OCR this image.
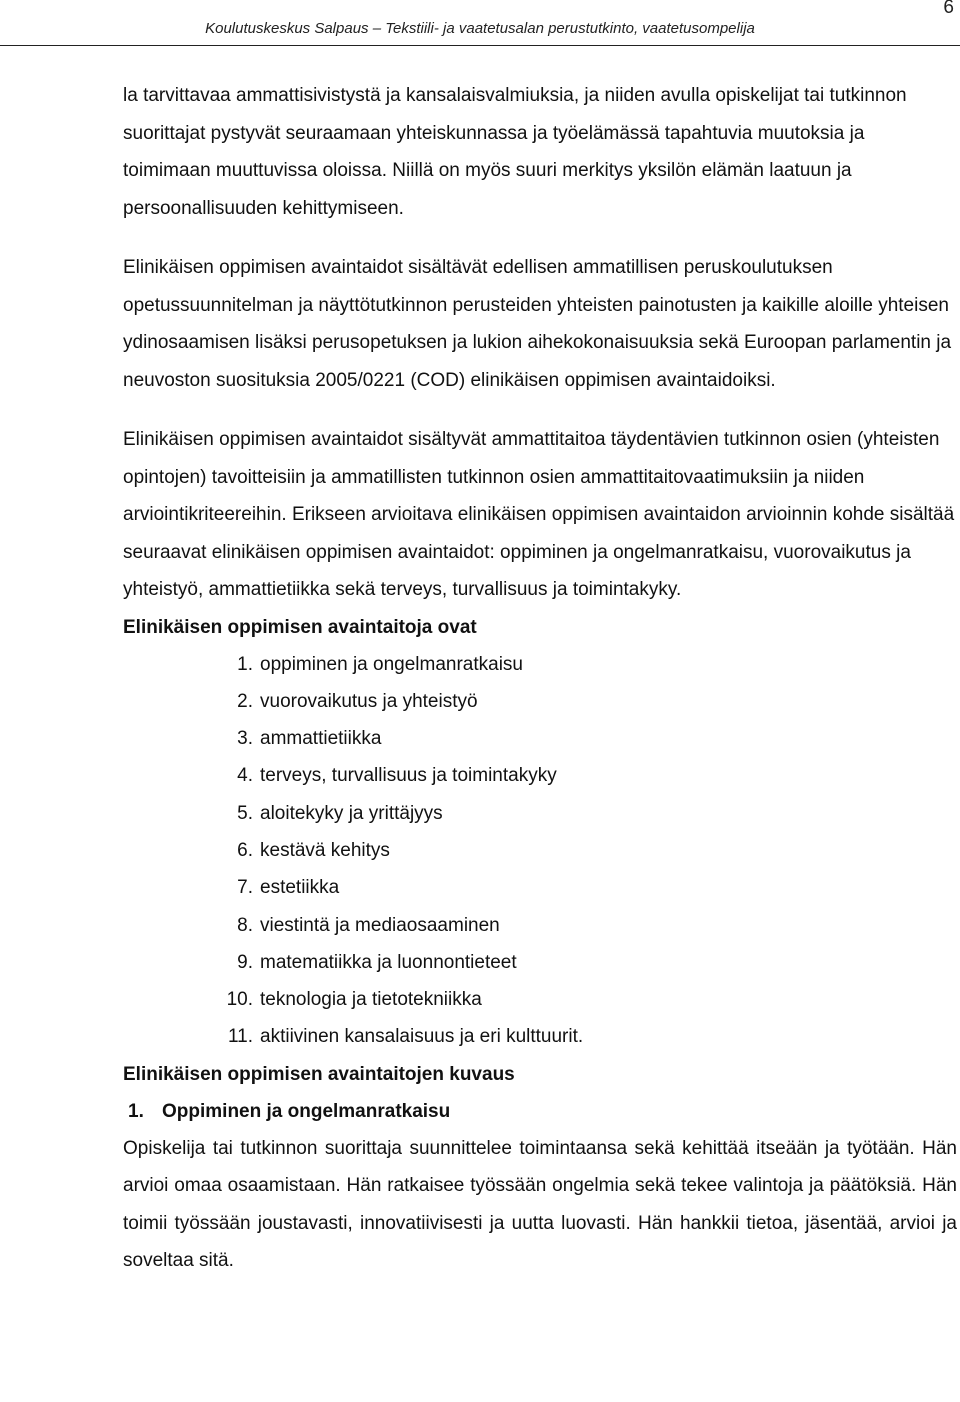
6
Koulutuskeskus Salpaus – Tekstiili- ja vaatetusalan perustutkinto, vaatetusompelija

la tarvittavaa ammattisivistystä ja kansalaisvalmiuksia, ja niiden avulla opiskelijat tai tutkinnon suorittajat pystyvät seuraamaan yhteiskunnassa ja työelämässä tapahtuvia muutoksia ja toimimaan muuttuvissa oloissa. Niillä on myös suuri merkitys yksilön elämän laatuun ja persoonallisuuden kehittymiseen.

Elinikäisen oppimisen avaintaidot sisältävät edellisen ammatillisen peruskoulutuksen opetussuunnitelman ja näyttötutkinnon perusteiden yhteisten painotusten ja kaikille aloille yhteisen ydinosaamisen lisäksi perusopetuksen ja lukion aihekokonaisuuksia sekä Euroopan parlamentin ja neuvoston suosituksia 2005/0221 (COD) elinikäisen oppimisen avaintaidoiksi.

Elinikäisen oppimisen avaintaidot sisältyvät ammattitaitoa täydentävien tutkinnon osien (yhteisten opintojen) tavoitteisiin ja ammatillisten tutkinnon osien ammattitaitovaatimuksiin ja niiden arviointikriteereihin. Erikseen arvioitava elinikäisen oppimisen avaintaidon arvioinnin kohde sisältää seuraavat elinikäisen oppimisen avaintaidot: oppiminen ja ongelmanratkaisu, vuorovaikutus ja yhteistyö, ammattietiikka sekä terveys, turvallisuus ja toimintakyky.

Elinikäisen oppimisen avaintaitoja ovat
1. oppiminen ja ongelmanratkaisu
2. vuorovaikutus ja yhteistyö
3. ammattietiikka
4. terveys, turvallisuus ja toimintakyky
5. aloitekyky ja yrittäjyys
6. kestävä kehitys
7. estetiikka
8. viestintä ja mediaosaaminen
9. matematiikka ja luonnontieteet
10. teknologia ja tietotekniikka
11. aktiivinen kansalaisuus ja eri kulttuurit.
Elinikäisen oppimisen avaintaitojen kuvaus
1. Oppiminen ja ongelmanratkaisu

Opiskelija tai tutkinnon suorittaja suunnittelee toimintaansa sekä kehittää itseään ja työtään. Hän arvioi omaa osaamistaan. Hän ratkaisee työssään ongelmia sekä tekee valintoja ja päätöksiä. Hän toimii työssään joustavasti, innovatiivisesti ja uutta luovasti. Hän hankkii tietoa, jäsentää, arvioi ja soveltaa sitä.
